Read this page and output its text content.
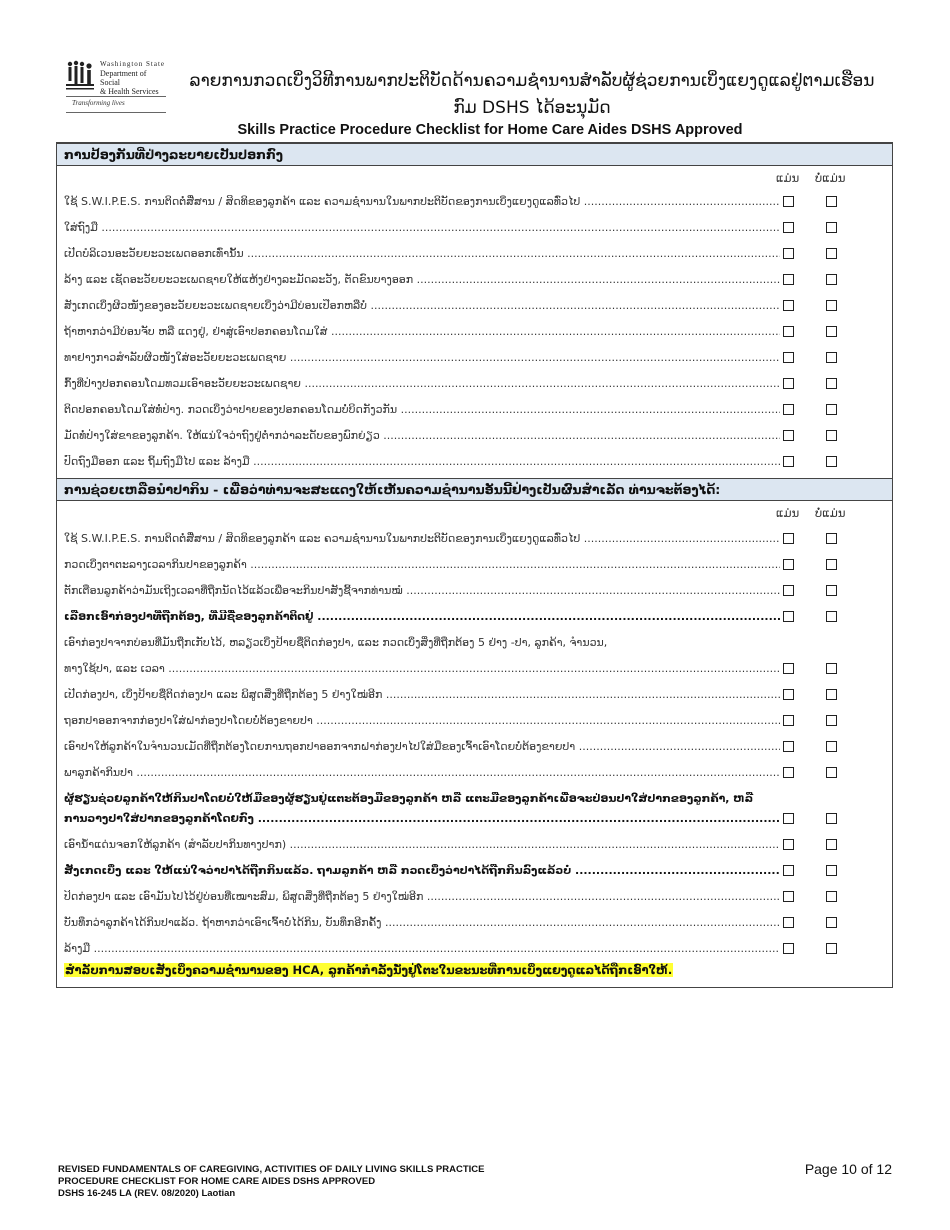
Washington State
Department of Social
& Health Services
Transforming lives
ລາຍການກວດເບິ່ງວິທີການພາກປະຕິບັດດ້ານຄວາມຊຳນານສຳລັບຜູ້ຊ່ວຍການເບິ່ງແຍງດູແລຢູ່ຕາມເຮືອນ
ກົມ DSHS ໄດ້ອະນຸມັດ
Skills Practice Procedure Checklist for Home Care Aides DSHS Approved
ການປ້ອງກັນທີ່ປ່າງລະບາຍເປັນປອກກົງ
ແມ່ນ ບໍ່ແມ່ນ
ໃຊ້ S.W.I.P.E.S. ການຕິດຕໍ່ສື່ສານ / ສິດທິຂອງລູກຄ້າ ແລະ ຄວາມຊຳນານໃນພາກປະຕິບັດຂອງການເບິ່ງແຍງດູແລທົ່ວໄປ .....
ໃສ່ຖົງມື .....
ເປີດບໍລິເວນອະວັຍຍະວະເພດອອກເທົ່ານັ້ນ .....
ລ້າງ ແລະ ເຊັດອະວັຍຍະວະເພດຊາຍໃຫ້ແຫ້ງຢ່າງລະມັດລະວັງ, ຕັດຂົນບາງອອກ .....
ສັງເກດເບິ່ງຜິວໜັງຂອງອະວັຍຍະວະເພດຊາຍເບິ່ງວ່າມີບ່ອນເປືອກຫລືບໍ່ .....
ຖ້າຫາກວ່າມີບ່ອນຈັບ ຫລື ແດງຢູ່, ຢ່າສູ່ເອົາປອກຄອນໂດມໃສ່ .....
ທາຢາງກາວສຳລັບຜິວໜັງໃສ່ອະວັຍຍະວະເພດຊາຍ .....
ກົ້ງທີ່ປ່າງປອກຄອນໂດມທວມເອົາອະວັຍຍະວະເພດຊາຍ .....
ຕິດປອກຄອນໂດມໃສ່ທໍ່ປ່າງ. ກວດເບິ່ງວ່າປາຍຂອງປອກຄອນໂດມບໍ່ບິດກັງວກັນ .....
ມັດທໍ່ປ່າງໃສ່ຂາຂອງລູກຄ້າ. ໃຫ້ແນ່ໃຈວ່າຖົງຢູ່ຕ່ຳກວ່າລະດັບຂອງພົກຍ່ຽວ .....
ປົດຖົງມືອອກ ແລະ ຖິ້ມຖົງມືໄປ ແລະ ລ້າງມື .....
ການຊ່ວຍເຫລືອນຳປາກິນ - ເພື່ອວ່າທ່ານຈະສະແດງໃຫ້ເຫັນຄວາມຊຳນານອັນນີ້ຢ່າງເປັນຜົນສຳເລັດ ທ່ານຈະຕ້ອງໄດ້:
ແມ່ນ ບໍ່ແມ່ນ
ໃຊ້ S.W.I.P.E.S. ການຕິດຕໍ່ສື່ສານ / ສິດທິຂອງລູກຄ້າ ແລະ ຄວາມຊຳນານໃນພາກປະຕິບັດຂອງການເບິ່ງແຍງດູແລທົ່ວໄປ .....
ກວດເບິ່ງຕາຕະລາງເວລາກິນປາຂອງລູກຄ້າ .....
ຕັກເຕືອນລູກຄ້າວ່າມັນເຖິງເວລາທີ່ຖືກນັດໄວ້ແລ້ວເພື່ອຈະກິນປາສັງຊີ້ຈາກທ່ານໝໍ .....
ເລືອກເອົາກ່ອງປາທີ່ຖືກຕ້ອງ, ທີ່ມີຊື່ຂອງລູກຄ້າຕິດຢູ່ .....
ເອົາກ່ອງປາຈາກບ່ອນທີ່ມັນຖືກເກັບໄວ້, ຫລຽວເບິ່ງປ້າຍຊື່ຕິດກ່ອງປາ, ແລະ ກວດເບິ່ງສິ່ງທີ່ຖືກຕ້ອງ 5 ຢ່າງ -ປາ, ລູກຄ້າ, ຈຳນວນ,
ທາງໃຊ້ປາ, ແລະ ເວລາ .....
ເປີດກ່ອງປາ, ເບິ່ງປ້າຍຊື່ຕິດກ່ອງປາ ແລະ ພິສູດສິ່ງທີ່ຖືກຕ້ອງ 5 ຢ່າງໃໝ່ອີກ .....
ຖອກປາອອກຈາກກ່ອງປາໃສ່ຝາກ່ອງປາໂດຍບໍ່ຕ້ອງຂາຍປາ .....
ເອົາປາໃຫ້ລູກຄ້າໃນຈຳນວນເມັດທີ່ຖືກຕ້ອງໂດຍການຖອກປາອອກຈາກຝາກ່ອງປາໄປໃສ່ມືຂອງເຈົ້າເອົາໂດຍບໍ່ຕ້ອງຂາຍປາ .....
ພາລູກຄ້າກິນປາ .....
ຜູ້ຮຽນຊ່ວຍລູກຄ້າໃຫ້ກິນປາໂດຍບໍ່ໃຫ້ມືຂອງຜູ້ຮຽນຢູ່ແຕະຕ້ອງມືຂອງລູກຄ້າ ຫລື ແຕະມືຂອງລູກຄ້າເພື່ອຈະປ່ອນປາໃສ່ປາກຂອງລູກຄ້າ, ຫລື
ການວາງປາໃສ່ປາກຂອງລູກຄ້າໂດຍກົງ .....
ເອົານ້ຳແດ່ນຈອກໃຫ້ລູກຄ້າ (ສຳລັບປາກິນທາງປາກ) .....
ສັງເກດເບິ່ງ ແລະ ໃຫ້ແນ່ໃຈວ່າປາໄດ້ຖືກກິນແລ້ວ. ຖາມລູກຄ້າ ຫລື ກວດເບິ່ງວ່າປາໄດ້ຖືກກິນລົງແລ້ວບໍ່ .....
ປິດກ່ອງປາ ແລະ ເອົາມັນໄປໄວ້ຢູ່ບ່ອນທີ່ເໝາະສົມ, ພິສູດສິ່ງທີ່ຖືກຕ້ອງ 5 ຢ່າງໃໝ່ອີກ .....
ບັນທຶກວ່າລູກຄ້າໄດ້ກິນປາແລ້ວ. ຖ້າຫາກວ່າເອົາເຈົ້າບໍ່ໄດ້ກິນ, ບັນທຶກອີກຄັ້ງ .....
ລ້າງມື .....
ສຳລັບການສອບເສັງເບິ່ງຄວາມຊຳນານຂອງ HCA, ລູກຄ້າກຳລັງນັ່ງຢູ່ໂຕະໃນຂະນະທີ່ການເບິ່ງແຍງດູແລໄດ້ຖືກເອົາໃຫ້.
REVISED FUNDAMENTALS OF CAREGIVING, ACTIVITIES OF DAILY LIVING SKILLS PRACTICE
PROCEDURE CHECKLIST FOR HOME CARE AIDES DSHS APPROVED
DSHS 16-245 LA (REV. 08/2020) Laotian
Page 10 of 12
